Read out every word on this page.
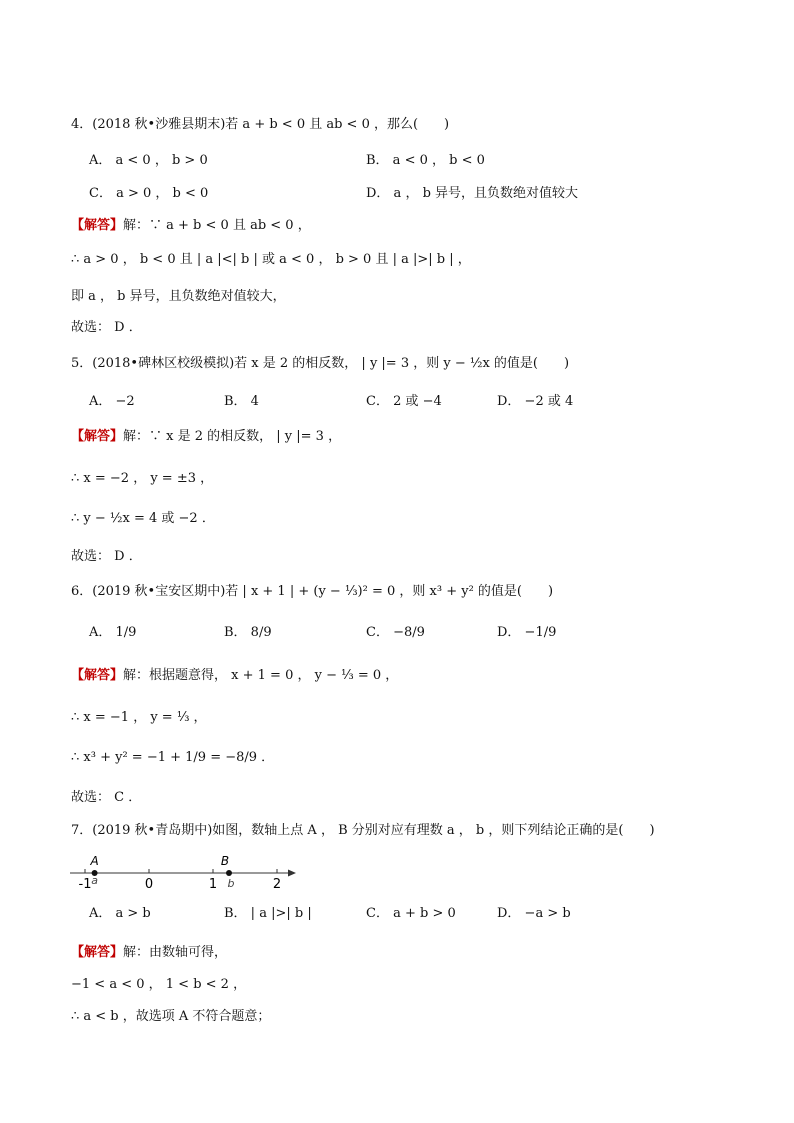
4．(2018 秋•沙雅县期末)若 a + b < 0 且 ab < 0 ，那么(　　)
A． a < 0 ， b > 0	B． a < 0 ， b < 0
C． a > 0 ， b < 0	D． a ， b 异号，且负数绝对值较大
【解答】解：∵ a + b < 0 且 ab < 0 ，
∴ a > 0 ， b < 0 且 | a |<| b | 或 a < 0 ， b > 0 且 | a |>| b | ，
即 a ， b 异号，且负数绝对值较大，
故选： D ．
5．(2018•碑林区校级模拟)若 x 是 2 的相反数， | y |= 3 ，则 y − ½x 的值是(　　)
A． −2	B． 4	C． 2 或 −4	D． −2 或 4
【解答】解：∵ x 是 2 的相反数， | y |= 3 ，
∴ x = −2 ， y = ±3 ，
∴ y − ½x = 4 或 −2 ．
故选： D ．
6．(2019 秋•宝安区期中)若 | x + 1 | + (y − ⅓)² = 0 ，则 x³ + y² 的值是(　　)
A． 1/9	B． 8/9	C． −8/9	D． −1/9
【解答】解：根据题意得， x + 1 = 0 ， y − ⅓ = 0 ，
∴ x = −1 ， y = ⅓ ，
∴ x³ + y² = −1 + 1/9 = −8/9 ．
故选： C ．
7．(2019 秋•青岛期中)如图，数轴上点 A ， B 分别对应有理数 a ， b ，则下列结论正确的是(　　)
-1	0	1	2
A
a
B
b
A． a > b	B． | a |>| b |	C． a + b > 0	D． −a > b
【解答】解：由数轴可得，
−1 < a < 0 ， 1 < b < 2 ，
∴ a < b ，故选项 A 不符合题意；
